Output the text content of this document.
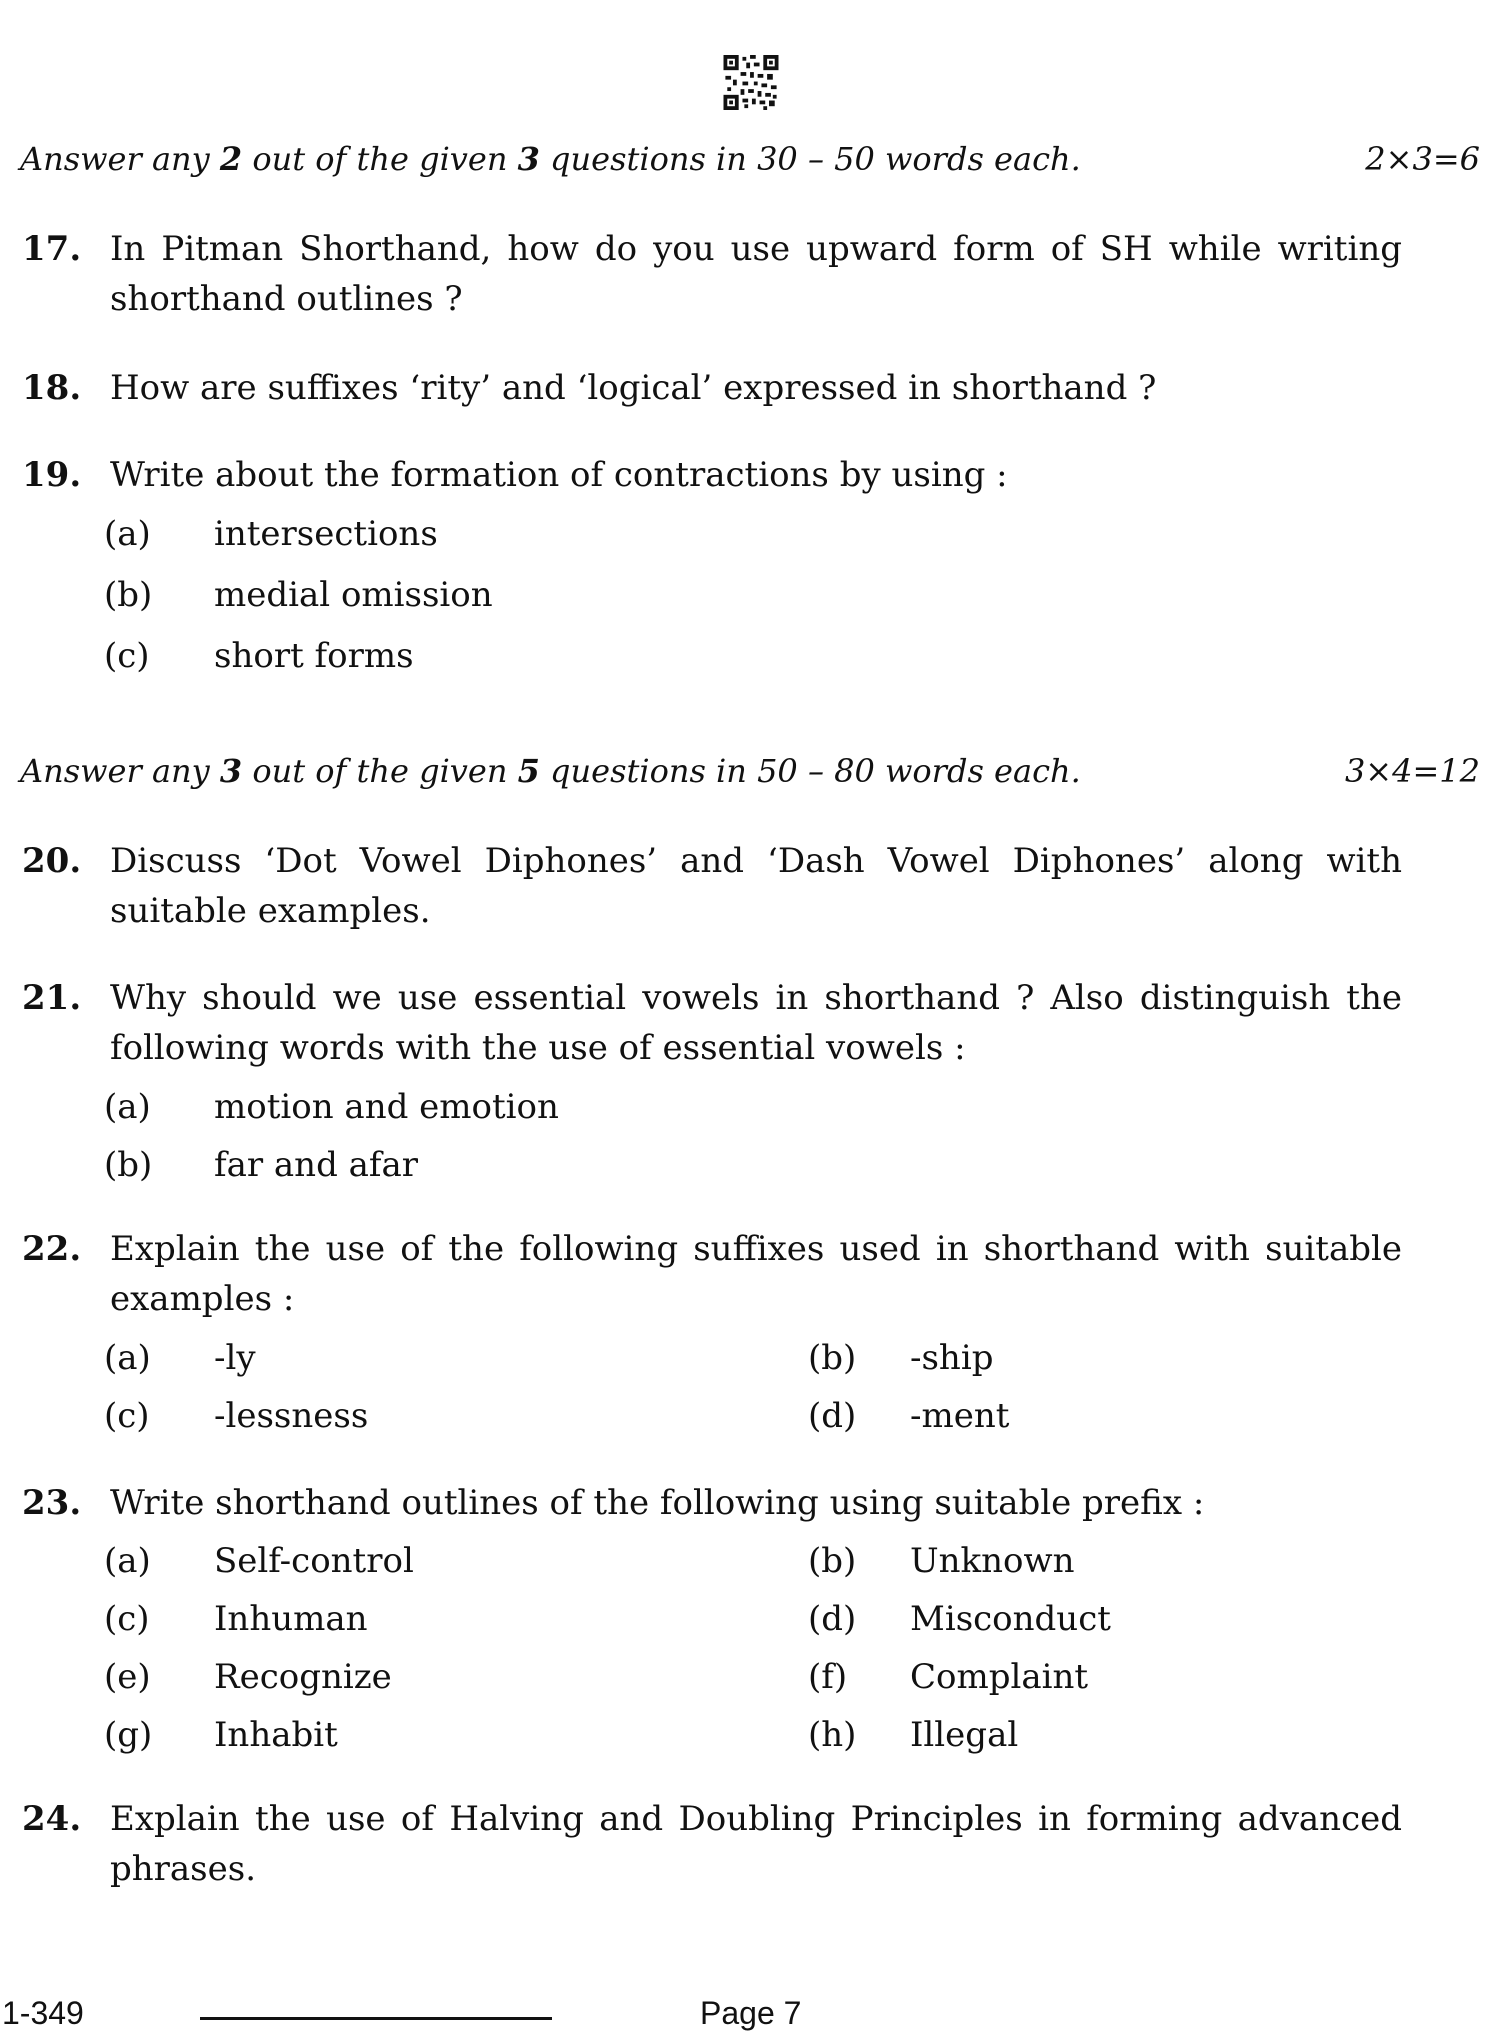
Answer any 2 out of the given 3 questions in 30 – 50 words each.	2×3=6
17. In Pitman Shorthand, how do you use upward form of SH while writing shorthand outlines ?
18. How are suffixes ‘rity’ and ‘logical’ expressed in shorthand ?
19. Write about the formation of contractions by using :
(a) intersections
(b) medial omission
(c) short forms
Answer any 3 out of the given 5 questions in 50 – 80 words each.	3×4=12
20. Discuss ‘Dot Vowel Diphones’ and ‘Dash Vowel Diphones’ along with suitable examples.
21. Why should we use essential vowels in shorthand ? Also distinguish the following words with the use of essential vowels :
(a) motion and emotion
(b) far and afar
22. Explain the use of the following suffixes used in shorthand with suitable examples :
(a) -ly	(b) -ship
(c) -lessness	(d) -ment
23. Write shorthand outlines of the following using suitable prefix :
(a) Self-control	(b) Unknown
(c) Inhuman	(d) Misconduct
(e) Recognize	(f) Complaint
(g) Inhabit	(h) Illegal
24. Explain the use of Halving and Doubling Principles in forming advanced phrases.
1-349	Page 7
